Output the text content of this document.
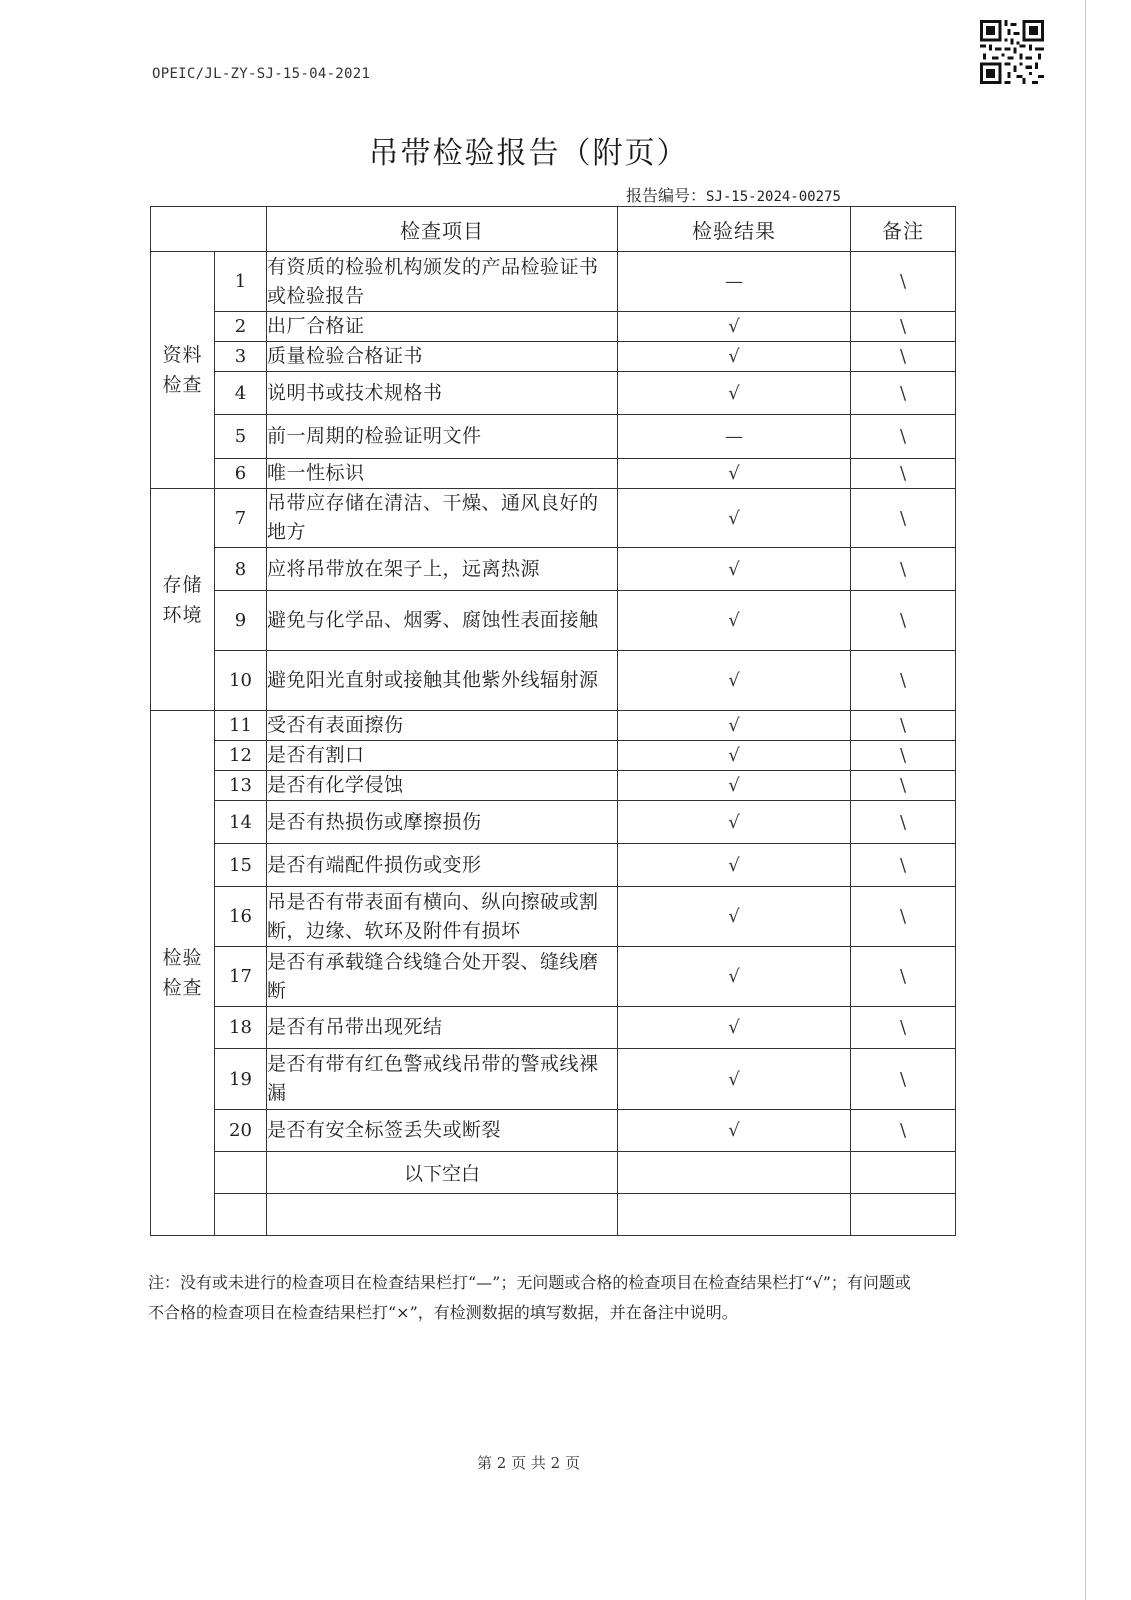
OPEIC/JL-ZY-SJ-15-04-2021
吊带检验报告（附页）
报告编号：SJ-15-2024-00275
		检查项目	检验结果	备注

资料检查	1	有资质的检验机构颁发的产品检验证书或检验报告	—	\
	2	出厂合格证	√	\
	3	质量检验合格证书	√	\
	4	说明书或技术规格书	√	\
	5	前一周期的检验证明文件	—	\
	6	唯一性标识	√	\

存储环境	7	吊带应存储在清洁、干燥、通风良好的地方	√	\
	8	应将吊带放在架子上，远离热源	√	\
	9	避免与化学品、烟雾、腐蚀性表面接触	√	\
	10	避免阳光直射或接触其他紫外线辐射源	√	\

检验检查	11	受否有表面擦伤	√	\
	12	是否有割口	√	\
	13	是否有化学侵蚀	√	\
	14	是否有热损伤或摩擦损伤	√	\
	15	是否有端配件损伤或变形	√	\
	16	吊是否有带表面有横向、纵向擦破或割断，边缘、软环及附件有损坏	√	\
	17	是否有承载缝合线缝合处开裂、缝线磨断	√	\
	18	是否有吊带出现死结	√	\
	19	是否有带有红色警戒线吊带的警戒线裸漏	√	\
	20	是否有安全标签丢失或断裂	√	\
		以下空白		

注：没有或未进行的检查项目在检查结果栏打“—”；无问题或合格的检查项目在检查结果栏打“√”；有问题或不合格的检查项目在检查结果栏打“×”，有检测数据的填写数据，并在备注中说明。
第 2 页 共 2 页
